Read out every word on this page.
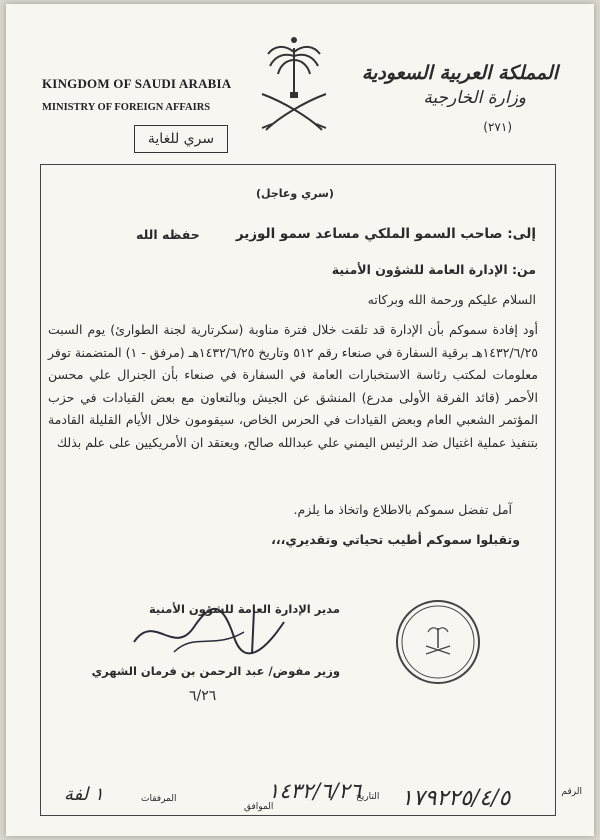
KINGDOM OF SAUDI ARABIA
MINISTRY OF FOREIGN AFFAIRS
المملكة العربية السعودية
وزارة الخارجية
(٢٧١)
سري للغاية
(سري وعاجل)
إلى: صاحب السمو الملكي مساعد سمو الوزير
حفظه الله
من: الإدارة العامة للشؤون الأمنية
السلام عليكم ورحمة الله وبركاته
أود إفادة سموكم بأن الإدارة قد تلقت خلال فترة مناوبة (سكرتارية لجنة الطوارئ) يوم السبت ١٤٣٢/٦/٢٥هـ برقية السفارة في صنعاء رقم ٥١٢ وتاريخ ١٤٣٢/٦/٢٥هـ (مرفق - ١) المتضمنة توفر معلومات لمكتب رئاسة الاستخبارات العامة في السفارة في صنعاء بأن الجنرال علي محسن الأحمر (قائد الفرقة الأولى مدرع) المنشق عن الجيش وبالتعاون مع بعض القيادات في حزب المؤتمر الشعبي العام وبعض القيادات في الحرس الخاص، سيقومون خلال الأيام القليلة القادمة بتنفيذ عملية اغتيال ضد الرئيس اليمني علي عبدالله صالح، ويعتقد ان الأمريكيين على علم بذلك
آمل تفضل سموكم بالاطلاع واتخاذ ما يلزم.
وتقبلوا سموكم أطيب تحياتي وتقديري،،،
مدير الإدارة العامة للشؤون الأمنية
وزير مفوض/ عبد الرحمن بن فرمان الشهري
٦/٢٦
الرقم
١٧٩٢٢٥/٤/٥
التاريخ
١٤٣٢/٦/٢٦
الموافق
المرفقات
١ لفة
